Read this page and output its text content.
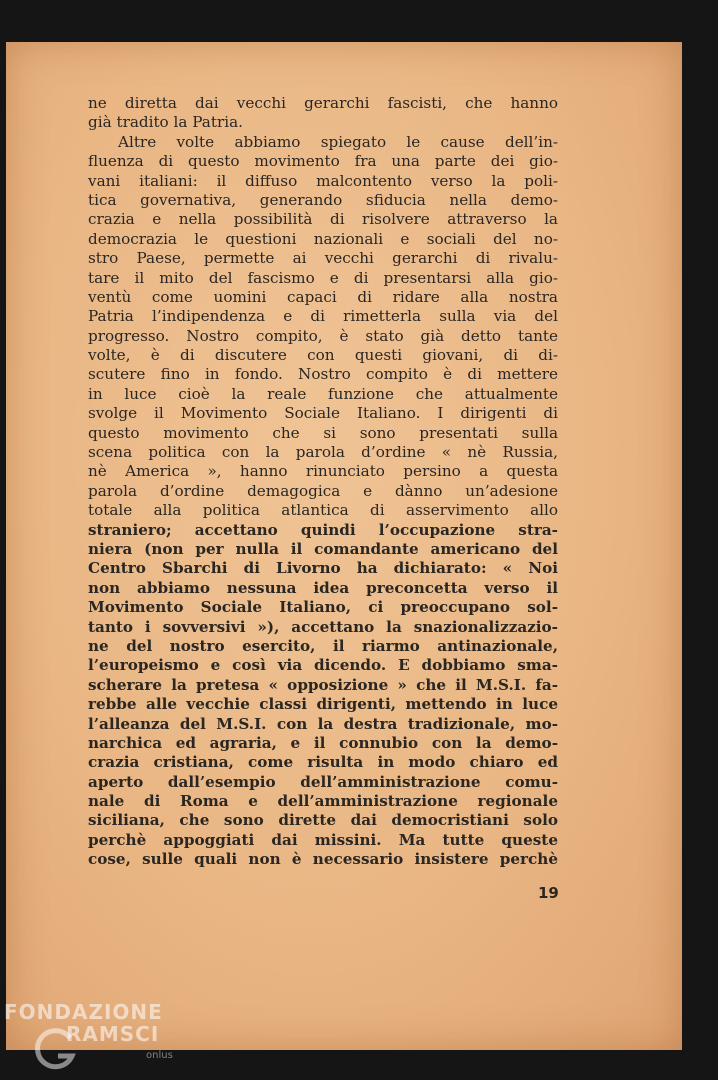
ne diretta dai vecchi gerarchi fascisti, che hanno
già tradito la Patria.
Altre volte abbiamo spiegato le cause dell’in-
fluenza di questo movimento fra una parte dei gio-
vani italiani: il diffuso malcontento verso la poli-
tica governativa, generando sfiducia nella demo-
crazia e nella possibilità di risolvere attraverso la
democrazia le questioni nazionali e sociali del no-
stro Paese, permette ai vecchi gerarchi di rivalu-
tare il mito del fascismo e di presentarsi alla gio-
ventù come uomini capaci di ridare alla nostra
Patria l’indipendenza e di rimetterla sulla via del
progresso. Nostro compito, è stato già detto tante
volte, è di discutere con questi giovani, di di-
scutere fino in fondo. Nostro compito è di mettere
in luce cioè la reale funzione che attualmente
svolge il Movimento Sociale Italiano. I dirigenti di
questo movimento che si sono presentati sulla
scena politica con la parola d’ordine « nè Russia,
nè America », hanno rinunciato persino a questa
parola d’ordine demagogica e dànno un’adesione
totale alla politica atlantica di asservimento allo
straniero; accettano quindi l’occupazione stra-
niera (non per nulla il comandante americano del
Centro Sbarchi di Livorno ha dichiarato: « Noi
non abbiamo nessuna idea preconcetta verso il
Movimento Sociale Italiano, ci preoccupano sol-
tanto i sovversivi »), accettano la snazionalizzazio-
ne del nostro esercito, il riarmo antinazionale,
l’europeismo e così via dicendo. E dobbiamo sma-
scherare la pretesa « opposizione » che il M.S.I. fa-
rebbe alle vecchie classi dirigenti, mettendo in luce
l’alleanza del M.S.I. con la destra tradizionale, mo-
narchica ed agraria, e il connubio con la demo-
crazia cristiana, come risulta in modo chiaro ed
aperto dall’esempio dell’amministrazione comu-
nale di Roma e dell’amministrazione regionale
siciliana, che sono dirette dai democristiani solo
perchè appoggiati dai missini. Ma tutte queste
cose, sulle quali non è necessario insistere perchè
19
FONDAZIONE
RAMSCI
onlus
